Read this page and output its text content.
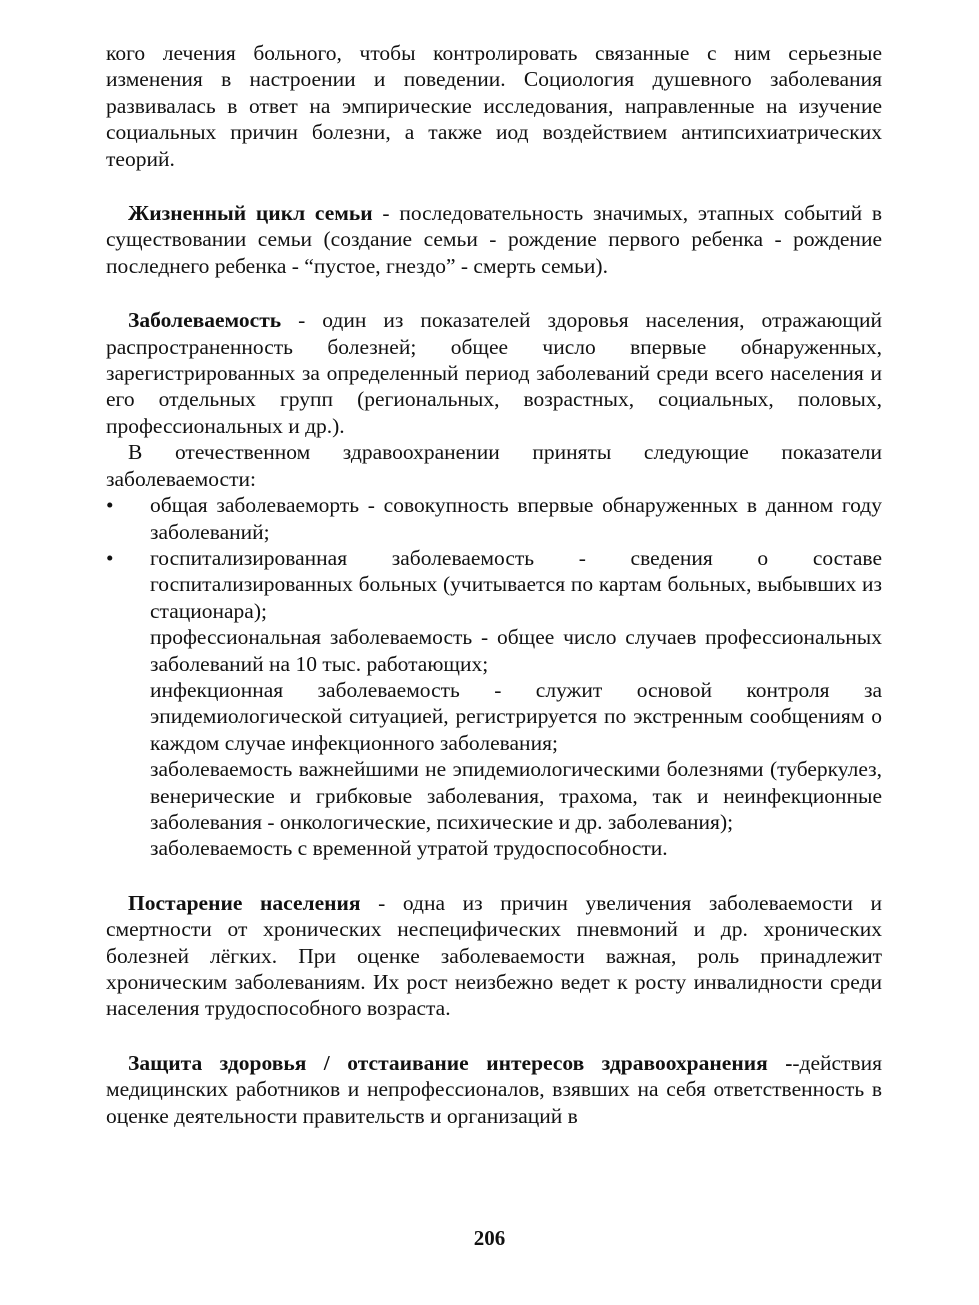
кого лечения больного, чтобы контролировать связанные с ним серьезные изменения в настроении и поведении. Социология душевного заболевания развивалась в ответ на эмпирические исследования, направленные на изучение социальных причин болезни, а также иод воздействием антипсихиатрических теорий.

Жизненный цикл семьи - последовательность значимых, этапных событий в существовании семьи (создание семьи - рождение первого ребенка - рождение последнего ребенка - “пустое, гнездо” - смерть семьи).

Заболеваемость - один из показателей здоровья населения, отражающий распространенность болезней; общее число впервые обнаруженных, зарегистрированных за определенный период заболеваний среди всего населения и его отдельных групп (региональных, возрастных, социальных, половых, профессиональных и др.).

В отечественном здравоохранении приняты следующие показатели заболеваемости:

•	общая заболеваеморть - совокупность впервые обнаруженных в данном году заболеваний;
•	госпитализированная заболеваемость - сведения о составе госпитализированных больных (учитывается по картам больных, выбывших из стационара);
профессиональная заболеваемость - общее число случаев профессиональных заболеваний на 10 тыс. работающих;
инфекционная заболеваемость - служит основой контроля за эпидемиологической ситуацией, регистрируется по экстренным сообщениям о каждом случае инфекционного заболевания;
заболеваемость важнейшими не эпидемиологическими болезнями (туберкулез, венерические и грибковые заболевания, трахома, так и неинфекционные заболевания - онкологические, психические и др. заболевания);
заболеваемость с временной утратой трудоспособности.

Постарение населения - одна из причин увеличения заболеваемости и смертности от хронических неспецифических пневмоний и др. хронических болезней лёгких. При оценке заболеваемости важная, роль принадлежит хроническим заболеваниям. Их рост неизбежно ведет к росту инвалидности среди населения трудоспособного возраста.

Защита здоровья / отстаивание интересов здравоохранения --действия медицинских работников и непрофессионалов, взявших на себя ответственность в оценке деятельности правительств и организаций в

206
